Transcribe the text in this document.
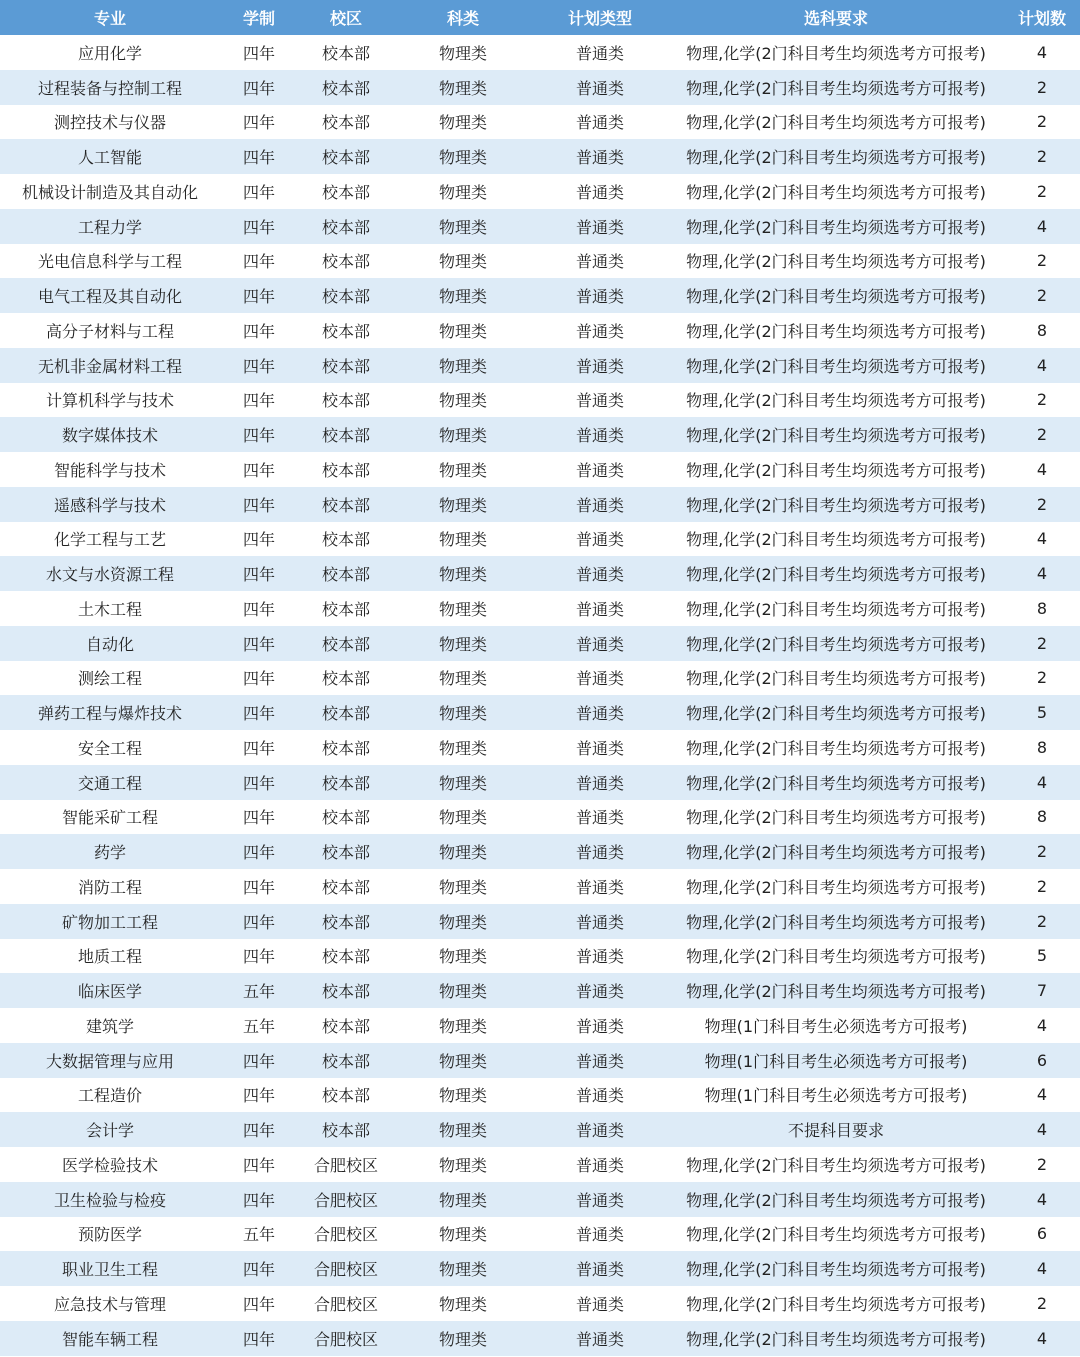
专业	学制	校区	科类	计划类型	选科要求	计划数
应用化学	四年	校本部	物理类	普通类	物理,化学(2门科目考生均须选考方可报考)	4
过程装备与控制工程	四年	校本部	物理类	普通类	物理,化学(2门科目考生均须选考方可报考)	2
测控技术与仪器	四年	校本部	物理类	普通类	物理,化学(2门科目考生均须选考方可报考)	2
人工智能	四年	校本部	物理类	普通类	物理,化学(2门科目考生均须选考方可报考)	2
机械设计制造及其自动化	四年	校本部	物理类	普通类	物理,化学(2门科目考生均须选考方可报考)	2
工程力学	四年	校本部	物理类	普通类	物理,化学(2门科目考生均须选考方可报考)	4
光电信息科学与工程	四年	校本部	物理类	普通类	物理,化学(2门科目考生均须选考方可报考)	2
电气工程及其自动化	四年	校本部	物理类	普通类	物理,化学(2门科目考生均须选考方可报考)	2
高分子材料与工程	四年	校本部	物理类	普通类	物理,化学(2门科目考生均须选考方可报考)	8
无机非金属材料工程	四年	校本部	物理类	普通类	物理,化学(2门科目考生均须选考方可报考)	4
计算机科学与技术	四年	校本部	物理类	普通类	物理,化学(2门科目考生均须选考方可报考)	2
数字媒体技术	四年	校本部	物理类	普通类	物理,化学(2门科目考生均须选考方可报考)	2
智能科学与技术	四年	校本部	物理类	普通类	物理,化学(2门科目考生均须选考方可报考)	4
遥感科学与技术	四年	校本部	物理类	普通类	物理,化学(2门科目考生均须选考方可报考)	2
化学工程与工艺	四年	校本部	物理类	普通类	物理,化学(2门科目考生均须选考方可报考)	4
水文与水资源工程	四年	校本部	物理类	普通类	物理,化学(2门科目考生均须选考方可报考)	4
土木工程	四年	校本部	物理类	普通类	物理,化学(2门科目考生均须选考方可报考)	8
自动化	四年	校本部	物理类	普通类	物理,化学(2门科目考生均须选考方可报考)	2
测绘工程	四年	校本部	物理类	普通类	物理,化学(2门科目考生均须选考方可报考)	2
弹药工程与爆炸技术	四年	校本部	物理类	普通类	物理,化学(2门科目考生均须选考方可报考)	5
安全工程	四年	校本部	物理类	普通类	物理,化学(2门科目考生均须选考方可报考)	8
交通工程	四年	校本部	物理类	普通类	物理,化学(2门科目考生均须选考方可报考)	4
智能采矿工程	四年	校本部	物理类	普通类	物理,化学(2门科目考生均须选考方可报考)	8
药学	四年	校本部	物理类	普通类	物理,化学(2门科目考生均须选考方可报考)	2
消防工程	四年	校本部	物理类	普通类	物理,化学(2门科目考生均须选考方可报考)	2
矿物加工工程	四年	校本部	物理类	普通类	物理,化学(2门科目考生均须选考方可报考)	2
地质工程	四年	校本部	物理类	普通类	物理,化学(2门科目考生均须选考方可报考)	5
临床医学	五年	校本部	物理类	普通类	物理,化学(2门科目考生均须选考方可报考)	7
建筑学	五年	校本部	物理类	普通类	物理(1门科目考生必须选考方可报考)	4
大数据管理与应用	四年	校本部	物理类	普通类	物理(1门科目考生必须选考方可报考)	6
工程造价	四年	校本部	物理类	普通类	物理(1门科目考生必须选考方可报考)	4
会计学	四年	校本部	物理类	普通类	不提科目要求	4
医学检验技术	四年	合肥校区	物理类	普通类	物理,化学(2门科目考生均须选考方可报考)	2
卫生检验与检疫	四年	合肥校区	物理类	普通类	物理,化学(2门科目考生均须选考方可报考)	4
预防医学	五年	合肥校区	物理类	普通类	物理,化学(2门科目考生均须选考方可报考)	6
职业卫生工程	四年	合肥校区	物理类	普通类	物理,化学(2门科目考生均须选考方可报考)	4
应急技术与管理	四年	合肥校区	物理类	普通类	物理,化学(2门科目考生均须选考方可报考)	2
智能车辆工程	四年	合肥校区	物理类	普通类	物理,化学(2门科目考生均须选考方可报考)	4
